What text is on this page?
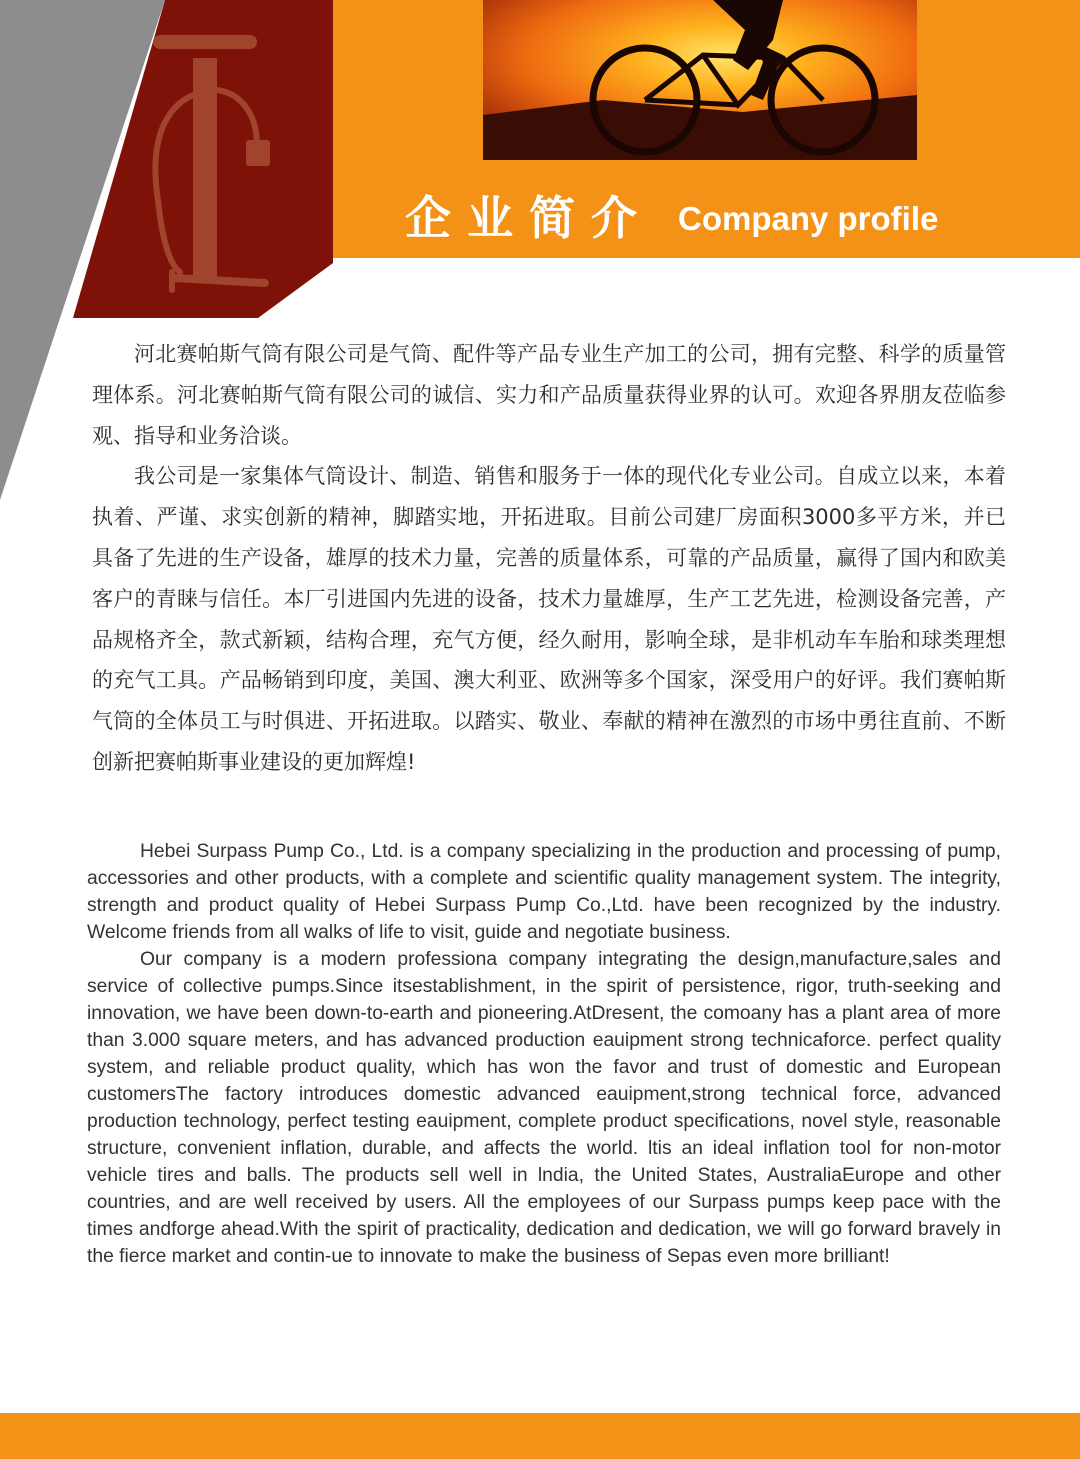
企业简介 Company profile

河北赛帕斯气筒有限公司是气筒、配件等产品专业生产加工的公司，拥有完整、科学的质量管理体系。河北赛帕斯气筒有限公司的诚信、实力和产品质量获得业界的认可。欢迎各界朋友莅临参观、指导和业务洽谈。

我公司是一家集体气筒设计、制造、销售和服务于一体的现代化专业公司。自成立以来，本着执着、严谨、求实创新的精神，脚踏实地，开拓进取。目前公司建厂房面积3000多平方米，并已具备了先进的生产设备，雄厚的技术力量，完善的质量体系，可靠的产品质量，赢得了国内和欧美客户的青睐与信任。本厂引进国内先进的设备，技术力量雄厚，生产工艺先进，检测设备完善，产品规格齐全，款式新颖，结构合理，充气方便，经久耐用，影响全球，是非机动车车胎和球类理想的充气工具。产品畅销到印度，美国、澳大利亚、欧洲等多个国家，深受用户的好评。我们赛帕斯气筒的全体员工与时俱进、开拓进取。以踏实、敬业、奉献的精神在激烈的市场中勇往直前、不断创新把赛帕斯事业建设的更加辉煌!

Hebei Surpass Pump Co., Ltd. is a company specializing in the production and processing of pump, accessories and other products, with a complete and scientific quality management system. The integrity, strength and product quality of Hebei Surpass Pump Co.,Ltd. have been recognized by the industry. Welcome friends from all walks of life to visit, guide and negotiate business.

Our company is a modern professiona company integrating the design,manufacture,sales and service of collective pumps.Since itsestablishment, in the spirit of persistence, rigor, truth-seeking and innovation, we have been down-to-earth and pioneering.AtDresent, the comoany has a plant area of more than 3.000 square meters, and has advanced production eauipment strong technicaforce. perfect quality system, and reliable product quality, which has won the favor and trust of domestic and European customersThe factory introduces domestic advanced eauipment,strong technical force, advanced production technology, perfect testing eauipment, complete product specifications, novel style, reasonable structure, convenient inflation, durable, and affects the world. ltis an ideal inflation tool for non-motor vehicle tires and balls. The products sell well in lndia, the United States, AustraliaEurope and other countries, and are well received by users. All the employees of our Surpass pumps keep pace with the times andforge ahead.With the spirit of practicality, dedication and dedication, we will go forward bravely in the fierce market and contin-ue to innovate to make the business of Sepas even more brilliant!
